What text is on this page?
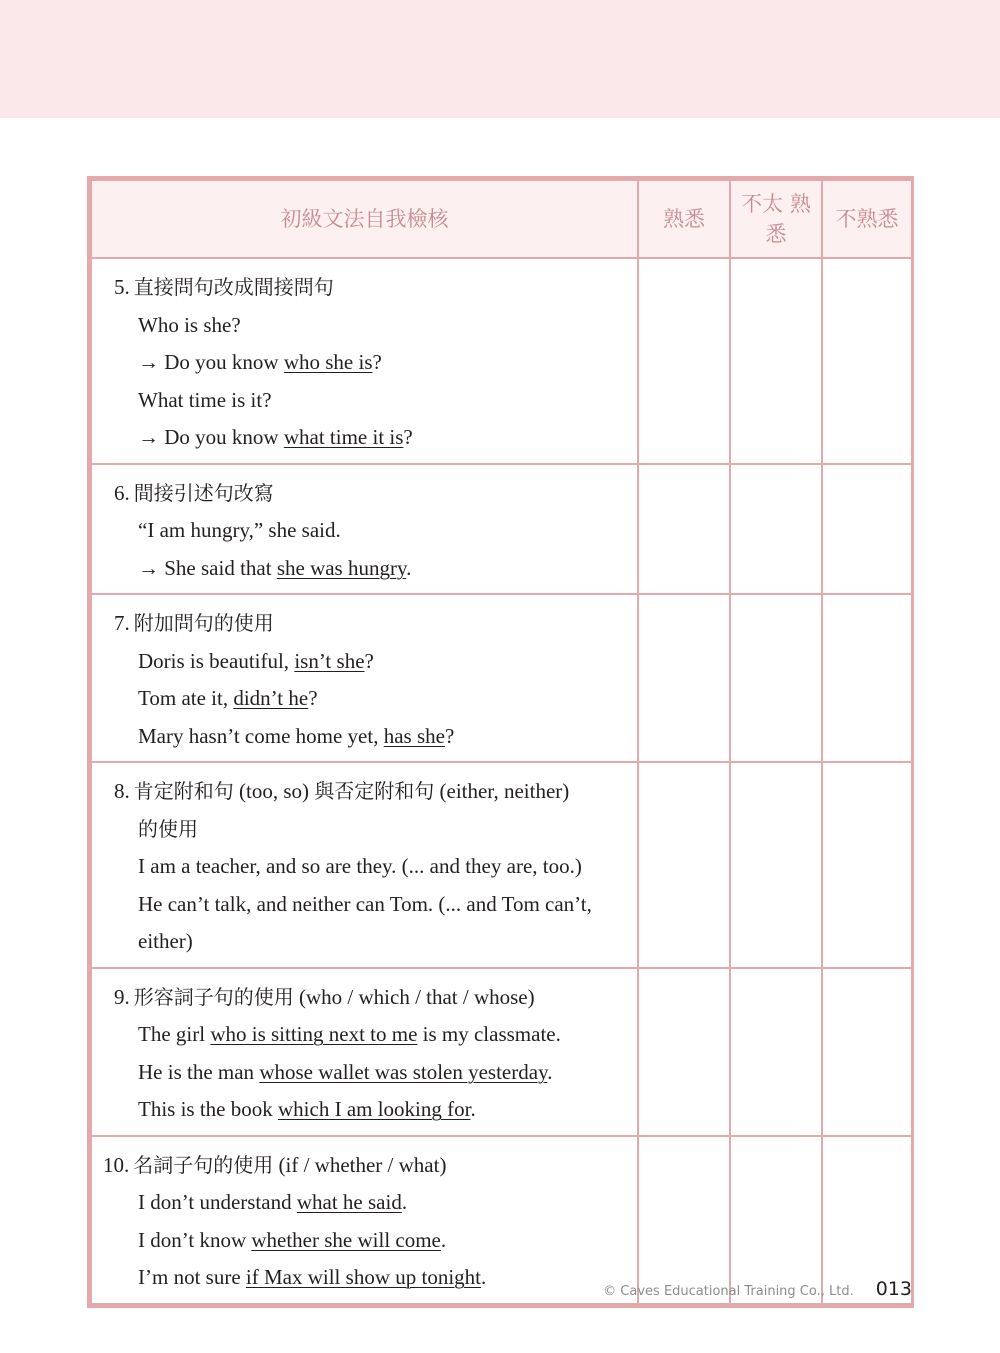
初級文法自我檢核	熟悉	不太 熟悉	不熟悉

5. 直接問句改成間接問句
Who is she?
→ Do you know who she is?
What time is it?
→ Do you know what time it is?			

6. 間接引述句改寫
“I am hungry,” she said.
→ She said that she was hungry.			

7. 附加問句的使用
Doris is beautiful, isn’t she?
Tom ate it, didn’t he?
Mary hasn’t come home yet, has she?			

8. 肯定附和句 (too, so) 與否定附和句 (either, neither)
的使用
I am a teacher, and so are they. (... and they are, too.)
He can’t talk, and neither can Tom. (... and Tom can’t,
either)			

9. 形容詞子句的使用 (who / which / that / whose)
The girl who is sitting next to me is my classmate.
He is the man whose wallet was stolen yesterday.
This is the book which I am looking for.			

10. 名詞子句的使用 (if / whether / what)
I don’t understand what he said.
I don’t know whether she will come.
I’m not sure if Max will show up tonight.			

© Caves Educational Training Co., Ltd. 013
